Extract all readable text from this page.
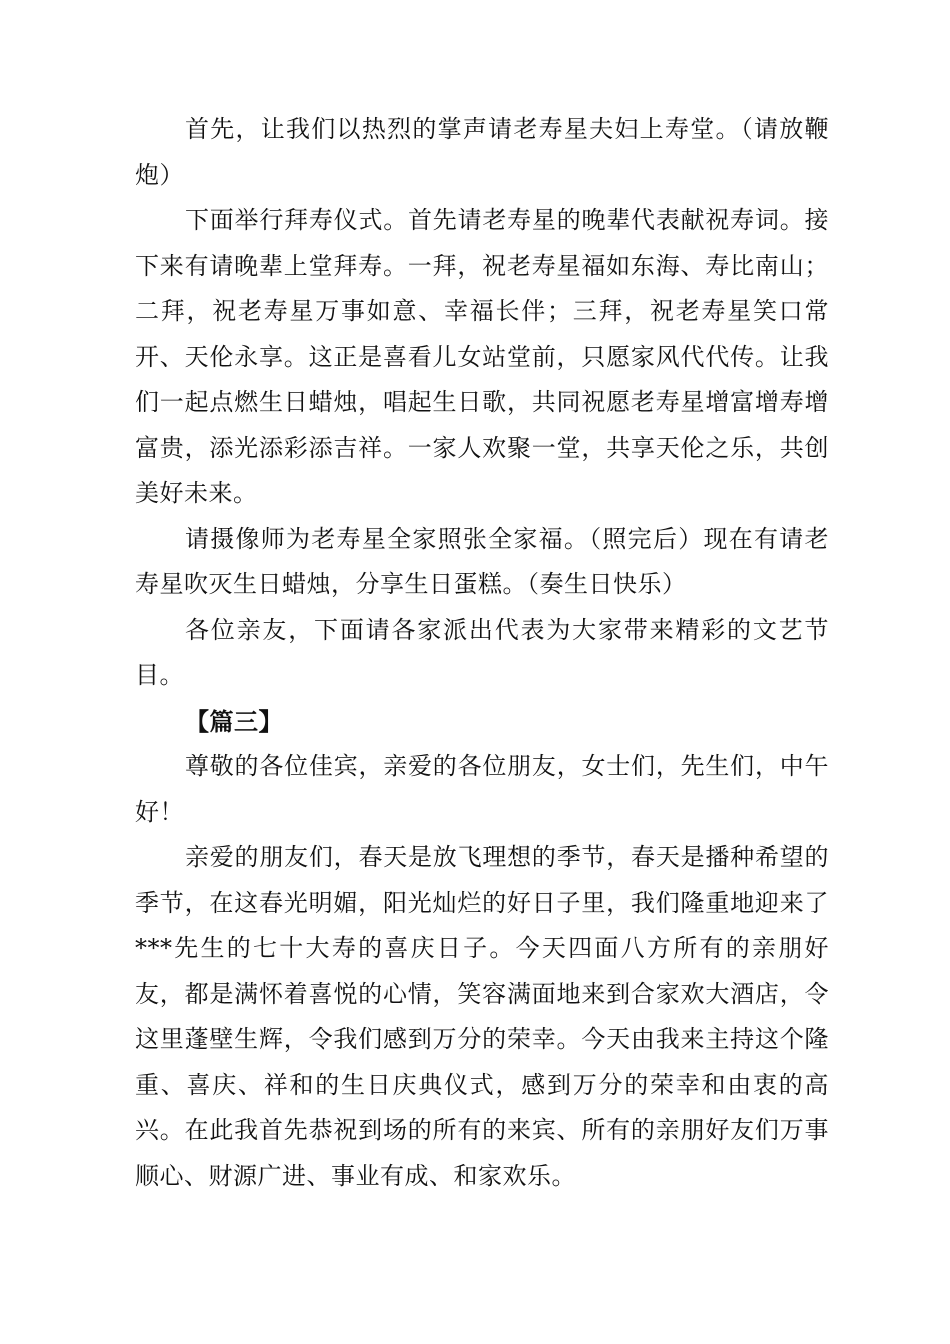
首先，让我们以热烈的掌声请老寿星夫妇上寿堂。（请放鞭炮）

下面举行拜寿仪式。首先请老寿星的晚辈代表献祝寿词。接下来有请晚辈上堂拜寿。一拜，祝老寿星福如东海、寿比南山；二拜，祝老寿星万事如意、幸福长伴；三拜，祝老寿星笑口常开、天伦永享。这正是喜看儿女站堂前，只愿家风代代传。让我们一起点燃生日蜡烛，唱起生日歌，共同祝愿老寿星增富增寿增富贵，添光添彩添吉祥。一家人欢聚一堂，共享天伦之乐，共创美好未来。

请摄像师为老寿星全家照张全家福。（照完后）现在有请老寿星吹灭生日蜡烛，分享生日蛋糕。（奏生日快乐）

各位亲友，下面请各家派出代表为大家带来精彩的文艺节目。

【篇三】

尊敬的各位佳宾，亲爱的各位朋友，女士们，先生们，中午好！

亲爱的朋友们，春天是放飞理想的季节，春天是播种希望的季节，在这春光明媚，阳光灿烂的好日子里，我们隆重地迎来了***先生的七十大寿的喜庆日子。今天四面八方所有的亲朋好友，都是满怀着喜悦的心情，笑容满面地来到合家欢大酒店，令这里蓬壁生辉，令我们感到万分的荣幸。今天由我来主持这个隆重、喜庆、祥和的生日庆典仪式，感到万分的荣幸和由衷的高兴。在此我首先恭祝到场的所有的来宾、所有的亲朋好友们万事顺心、财源广进、事业有成、和家欢乐。
